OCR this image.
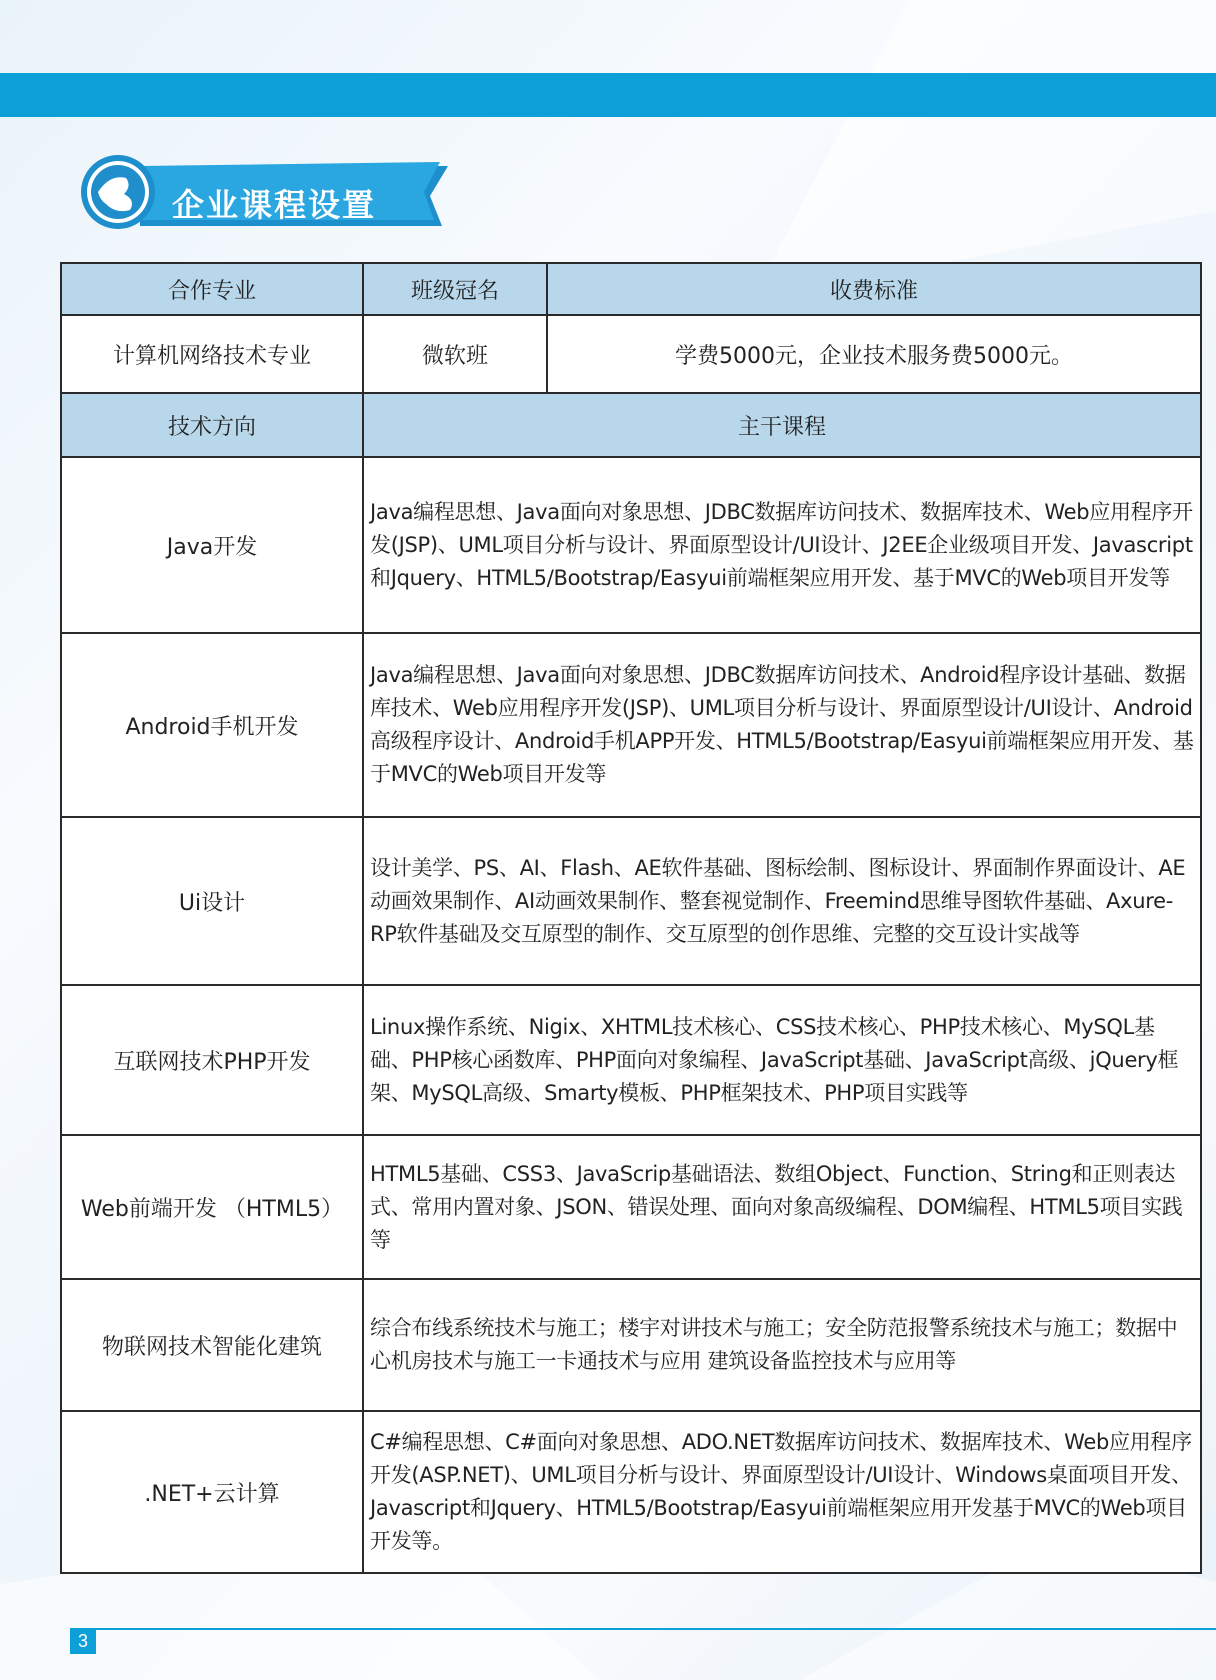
企业课程设置
合作专业	班级冠名	收费标准
计算机网络技术专业	微软班	学费5000元，企业技术服务费5000元。
技术方向	主干课程	
Java开发	Java编程思想、Java面向对象思想、JDBC数据库访问技术、数据库技术、Web应用程序开发(JSP)、UML项目分析与设计、界面原型设计/UI设计、J2EE企业级项目开发、Javascript和Jquery、HTML5/Bootstrap/Easyui前端框架应用开发、基于MVC的Web项目开发等	
Android手机开发	Java编程思想、Java面向对象思想、JDBC数据库访问技术、Android程序设计基础、数据库技术、Web应用程序开发(JSP)、UML项目分析与设计、界面原型设计/UI设计、Android高级程序设计、Android手机APP开发、HTML5/Bootstrap/Easyui前端框架应用开发、基于MVC的Web项目开发等	
Ui设计	设计美学、PS、AI、Flash、AE软件基础、图标绘制、图标设计、界面制作界面设计、AE动画效果制作、AI动画效果制作、整套视觉制作、Freemind思维导图软件基础、Axure-RP软件基础及交互原型的制作、交互原型的创作思维、完整的交互设计实战等	
互联网技术PHP开发	Linux操作系统、Nigix、XHTML技术核心、CSS技术核心、PHP技术核心、MySQL基础、PHP核心函数库、PHP面向对象编程、JavaScript基础、JavaScript高级、jQuery框架、MySQL高级、Smarty模板、PHP框架技术、PHP项目实践等	
Web前端开发 （HTML5）	HTML5基础、CSS3、JavaScrip基础语法、数组Object、Function、String和正则表达式、常用内置对象、JSON、错误处理、面向对象高级编程、DOM编程、HTML5项目实践等	
物联网技术智能化建筑	综合布线系统技术与施工；楼宇对讲技术与施工；安全防范报警系统技术与施工；数据中心机房技术与施工一卡通技术与应用 建筑设备监控技术与应用等	
.NET+云计算	C#编程思想、C#面向对象思想、ADO.NET数据库访问技术、数据库技术、Web应用程序开发(ASP.NET)、UML项目分析与设计、界面原型设计/UI设计、Windows桌面项目开发、Javascript和Jquery、HTML5/Bootstrap/Easyui前端框架应用开发基于MVC的Web项目开发等。	
3
